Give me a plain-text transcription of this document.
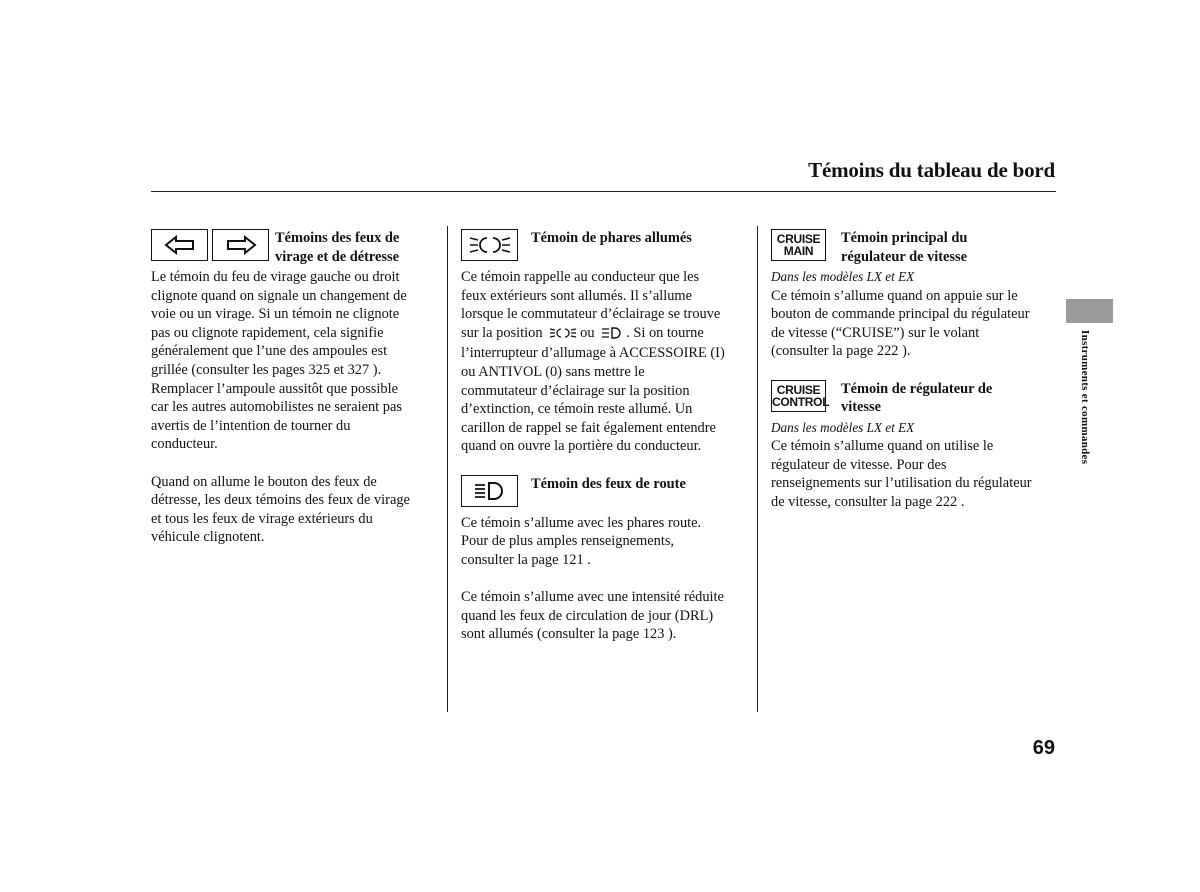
Témoins du tableau de bord
Témoins des feux de
virage et de détresse

Le témoin du feu de virage gauche ou droit
clignote quand on signale un changement de
voie ou un virage. Si un témoin ne clignote
pas ou clignote rapidement, cela signifie
généralement que l’une des ampoules est
grillée (consulter les pages 325 et 327 ).
Remplacer l’ampoule aussitôt que possible
car les autres automobilistes ne seraient pas
avertis de l’intention de tourner du
conducteur.

Quand on allume le bouton des feux de
détresse, les deux témoins des feux de virage
et tous les feux de virage extérieurs du
véhicule clignotent.

Témoin de phares allumés

Ce témoin rappelle au conducteur que les
feux extérieurs sont allumés. Il s’allume
lorsque le commutateur d’éclairage se trouve
sur la position	ou . Si on tourne
l’interrupteur d’allumage à ACCESSOIRE (I)
ou ANTIVOL (0) sans mettre le
commutateur d’éclairage sur la position
d’extinction, ce témoin reste allumé. Un
carillon de rappel se fait également entendre
quand on ouvre la portière du conducteur.

Témoin des feux de route

Ce témoin s’allume avec les phares route.
Pour de plus amples renseignements,
consulter la page 121 .

Ce témoin s’allume avec une intensité réduite
quand les feux de circulation de jour (DRL)
sont allumés (consulter la page 123 ).

CRUISE
MAIN
Témoin principal du
régulateur de vitesse

Dans les modèles LX et EX

Ce témoin s’allume quand on appuie sur le
bouton de commande principal du régulateur
de vitesse (“CRUISE”) sur le volant
(consulter la page 222 ).

CRUISE
CONTROL
Témoin de régulateur de
vitesse

Dans les modèles LX et EX

Ce témoin s’allume quand on utilise le
régulateur de vitesse. Pour des
renseignements sur l’utilisation du régulateur
de vitesse, consulter la page 222 .

Instruments et commandes
69
